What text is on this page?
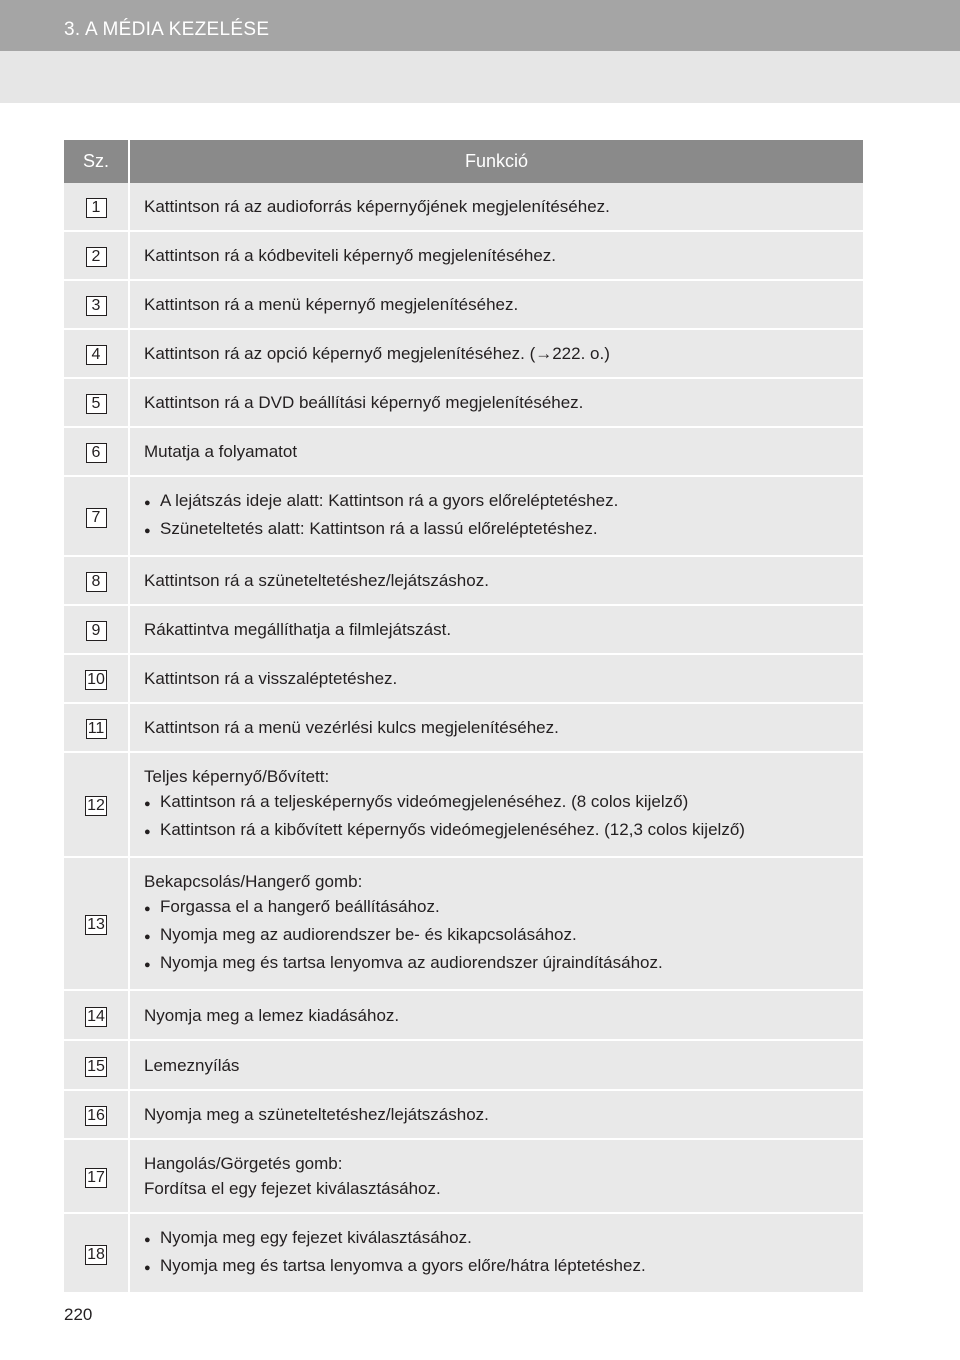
3. A MÉDIA KEZELÉSE
Sz.	Funkció
1	Kattintson rá az audioforrás képernyőjének megjelenítéséhez.

2	Kattintson rá a kódbeviteli képernyő megjelenítéséhez.

3	Kattintson rá a menü képernyő megjelenítéséhez.

4	Kattintson rá az opció képernyő megjelenítéséhez. (→222. o.)

5	Kattintson rá a DVD beállítási képernyő megjelenítéséhez.

6	Mutatja a folyamatot

7	● A lejátszás ideje alatt: Kattintson rá a gyors előreléptetéshez.
● Szüneteltetés alatt: Kattintson rá a lassú előreléptetéshez.

8	Kattintson rá a szüneteltetéshez/lejátszáshoz.

9	Rákattintva megállíthatja a filmlejátszást.

10	Kattintson rá a visszaléptetéshez.

11	Kattintson rá a menü vezérlési kulcs megjelenítéséhez.

12	Teljes képernyő/Bővített:
● Kattintson rá a teljesképernyős videómegjelenéséhez. (8 colos kijelző)
● Kattintson rá a kibővített képernyős videómegjelenéséhez. (12,3 colos kijelző)

13	Bekapcsolás/Hangerő gomb:
● Forgassa el a hangerő beállításához.
● Nyomja meg az audiorendszer be- és kikapcsolásához.
● Nyomja meg és tartsa lenyomva az audiorendszer újraindításához.

14	Nyomja meg a lemez kiadásához.

15	Lemeznyílás

16	Nyomja meg a szüneteltetéshez/lejátszáshoz.

17	Hangolás/Görgetés gomb:
Fordítsa el egy fejezet kiválasztásához.

18	● Nyomja meg egy fejezet kiválasztásához.
● Nyomja meg és tartsa lenyomva a gyors előre/hátra léptetéshez.
220
